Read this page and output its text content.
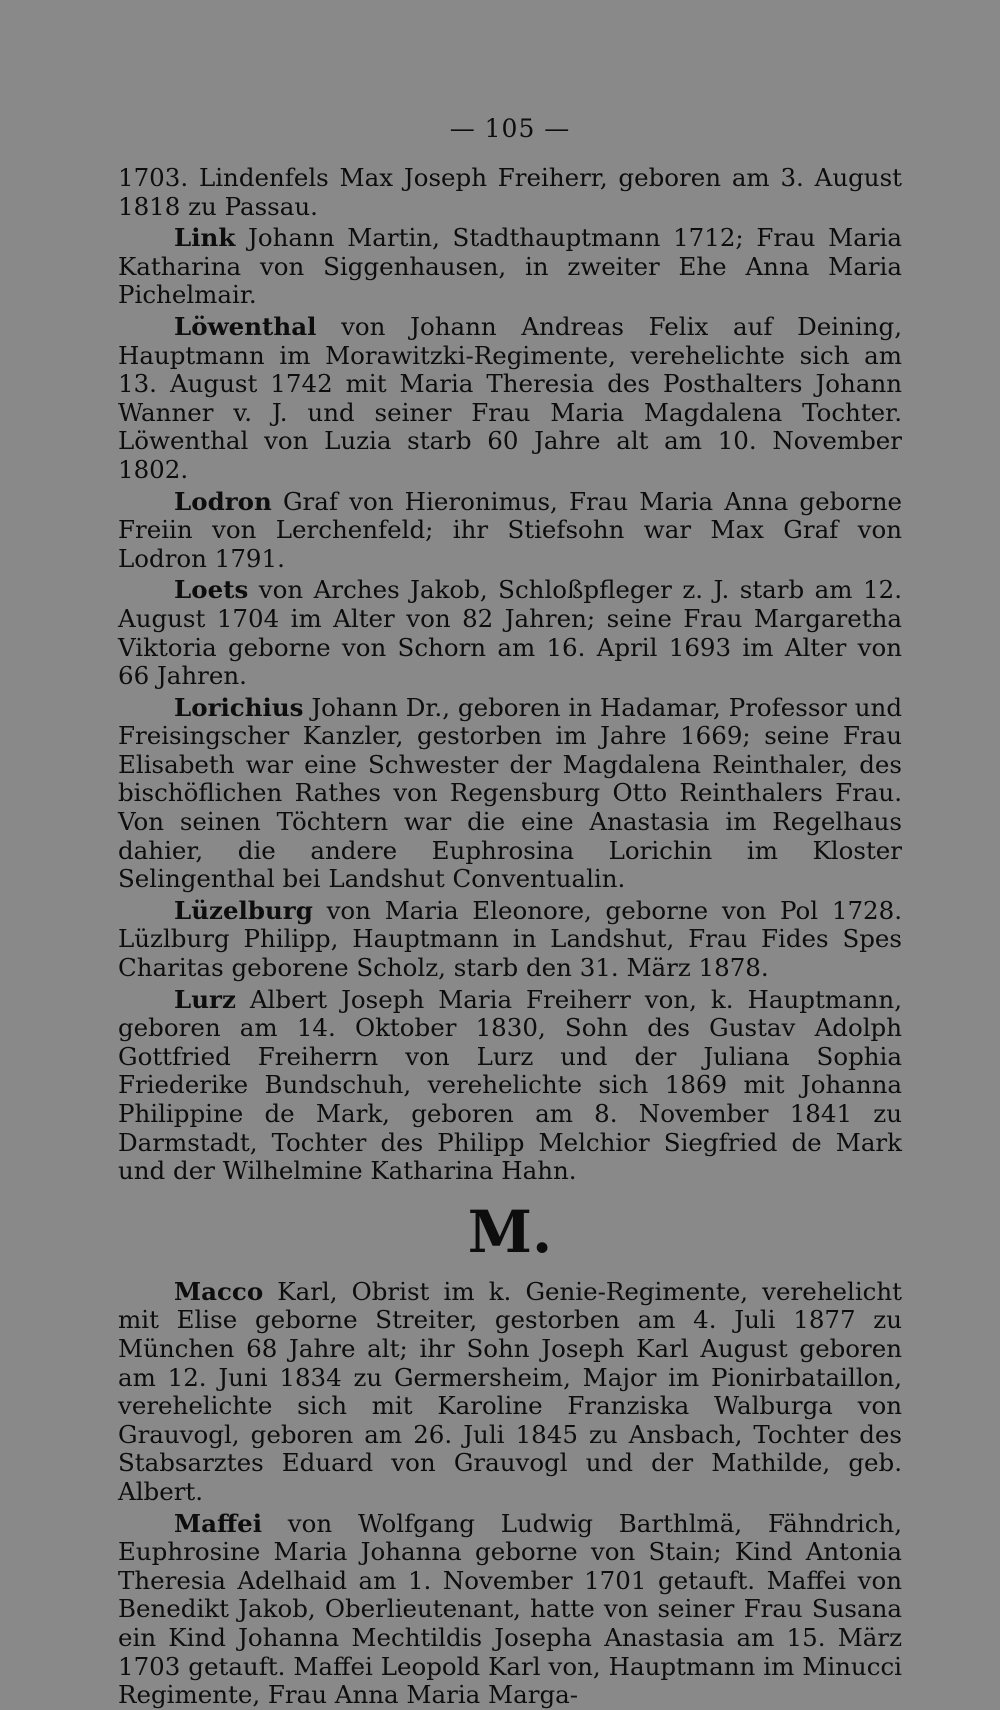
— 105 —

1703. Lindenfels Max Joseph Freiherr, geboren am 3. August 1818 zu Passau.

Link Johann Martin, Stadthauptmann 1712; Frau Maria Katharina von Siggenhausen, in zweiter Ehe Anna Maria Pichelmair.

Löwenthal von Johann Andreas Felix auf Deining, Hauptmann im Morawitzki-Regimente, verehelichte sich am 13. August 1742 mit Maria Theresia des Posthalters Johann Wanner v. J. und seiner Frau Maria Magdalena Tochter. Löwenthal von Luzia starb 60 Jahre alt am 10. November 1802.

Lodron Graf von Hieronimus, Frau Maria Anna geborne Freiin von Lerchenfeld; ihr Stiefsohn war Max Graf von Lodron 1791.

Loets von Arches Jakob, Schloßpfleger z. J. starb am 12. August 1704 im Alter von 82 Jahren; seine Frau Margaretha Viktoria geborne von Schorn am 16. April 1693 im Alter von 66 Jahren.

Lorichius Johann Dr., geboren in Hadamar, Professor und Freisingscher Kanzler, gestorben im Jahre 1669; seine Frau Elisabeth war eine Schwester der Magdalena Reinthaler, des bischöflichen Rathes von Regensburg Otto Reinthalers Frau. Von seinen Töchtern war die eine Anastasia im Regelhaus dahier, die andere Euphrosina Lorichin im Kloster Selingenthal bei Landshut Conventualin.

Lüzelburg von Maria Eleonore, geborne von Pol 1728. Lüzlburg Philipp, Hauptmann in Landshut, Frau Fides Spes Charitas geborene Scholz, starb den 31. März 1878.

Lurz Albert Joseph Maria Freiherr von, k. Hauptmann, geboren am 14. Oktober 1830, Sohn des Gustav Adolph Gottfried Freiherrn von Lurz und der Juliana Sophia Friederike Bundschuh, verehelichte sich 1869 mit Johanna Philippine de Mark, geboren am 8. November 1841 zu Darmstadt, Tochter des Philipp Melchior Siegfried de Mark und der Wilhelmine Katharina Hahn.

M.

Macco Karl, Obrist im k. Genie-Regimente, verehelicht mit Elise geborne Streiter, gestorben am 4. Juli 1877 zu München 68 Jahre alt; ihr Sohn Joseph Karl August geboren am 12. Juni 1834 zu Germersheim, Major im Pionirbataillon, verehelichte sich mit Karoline Franziska Walburga von Grauvogl, geboren am 26. Juli 1845 zu Ansbach, Tochter des Stabsarztes Eduard von Grauvogl und der Mathilde, geb. Albert.

Maffei von Wolfgang Ludwig Barthlmä, Fähndrich, Euphrosine Maria Johanna geborne von Stain; Kind Antonia Theresia Adelhaid am 1. November 1701 getauft. Maffei von Benedikt Jakob, Oberlieutenant, hatte von seiner Frau Susana ein Kind Johanna Mechtildis Josepha Anastasia am 15. März 1703 getauft. Maffei Leopold Karl von, Hauptmann im Minucci Regimente, Frau Anna Maria Marga-
